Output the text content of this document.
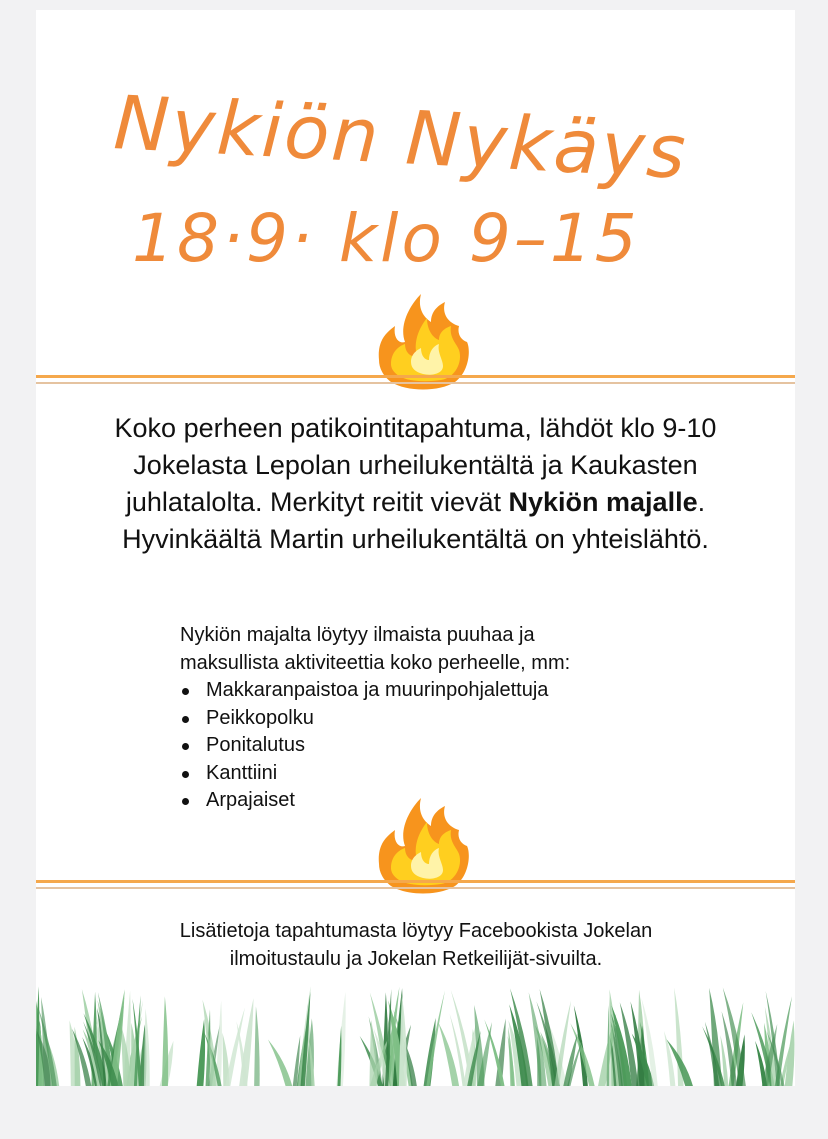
Nykiön Nykäys
18·9· klo 9–15
Koko perheen patikointitapahtuma, lähdöt klo 9-10 Jokelasta Lepolan urheilukentältä ja Kaukasten juhlatalolta. Merkityt reitit vievät Nykiön majalle. Hyvinkäältä Martin urheilukentältä on yhteislähtö.
Nykiön majalta löytyy ilmaista puuhaa ja
maksullista aktiviteettia koko perheelle, mm:
Makkaranpaistoa ja muurinpohjalettuja
Peikkopolku
Ponitalutus
Kanttiini
Arpajaiset
Lisätietoja tapahtumasta löytyy Facebookista Jokelan
ilmoitustaulu ja Jokelan Retkeilijät-sivuilta.
